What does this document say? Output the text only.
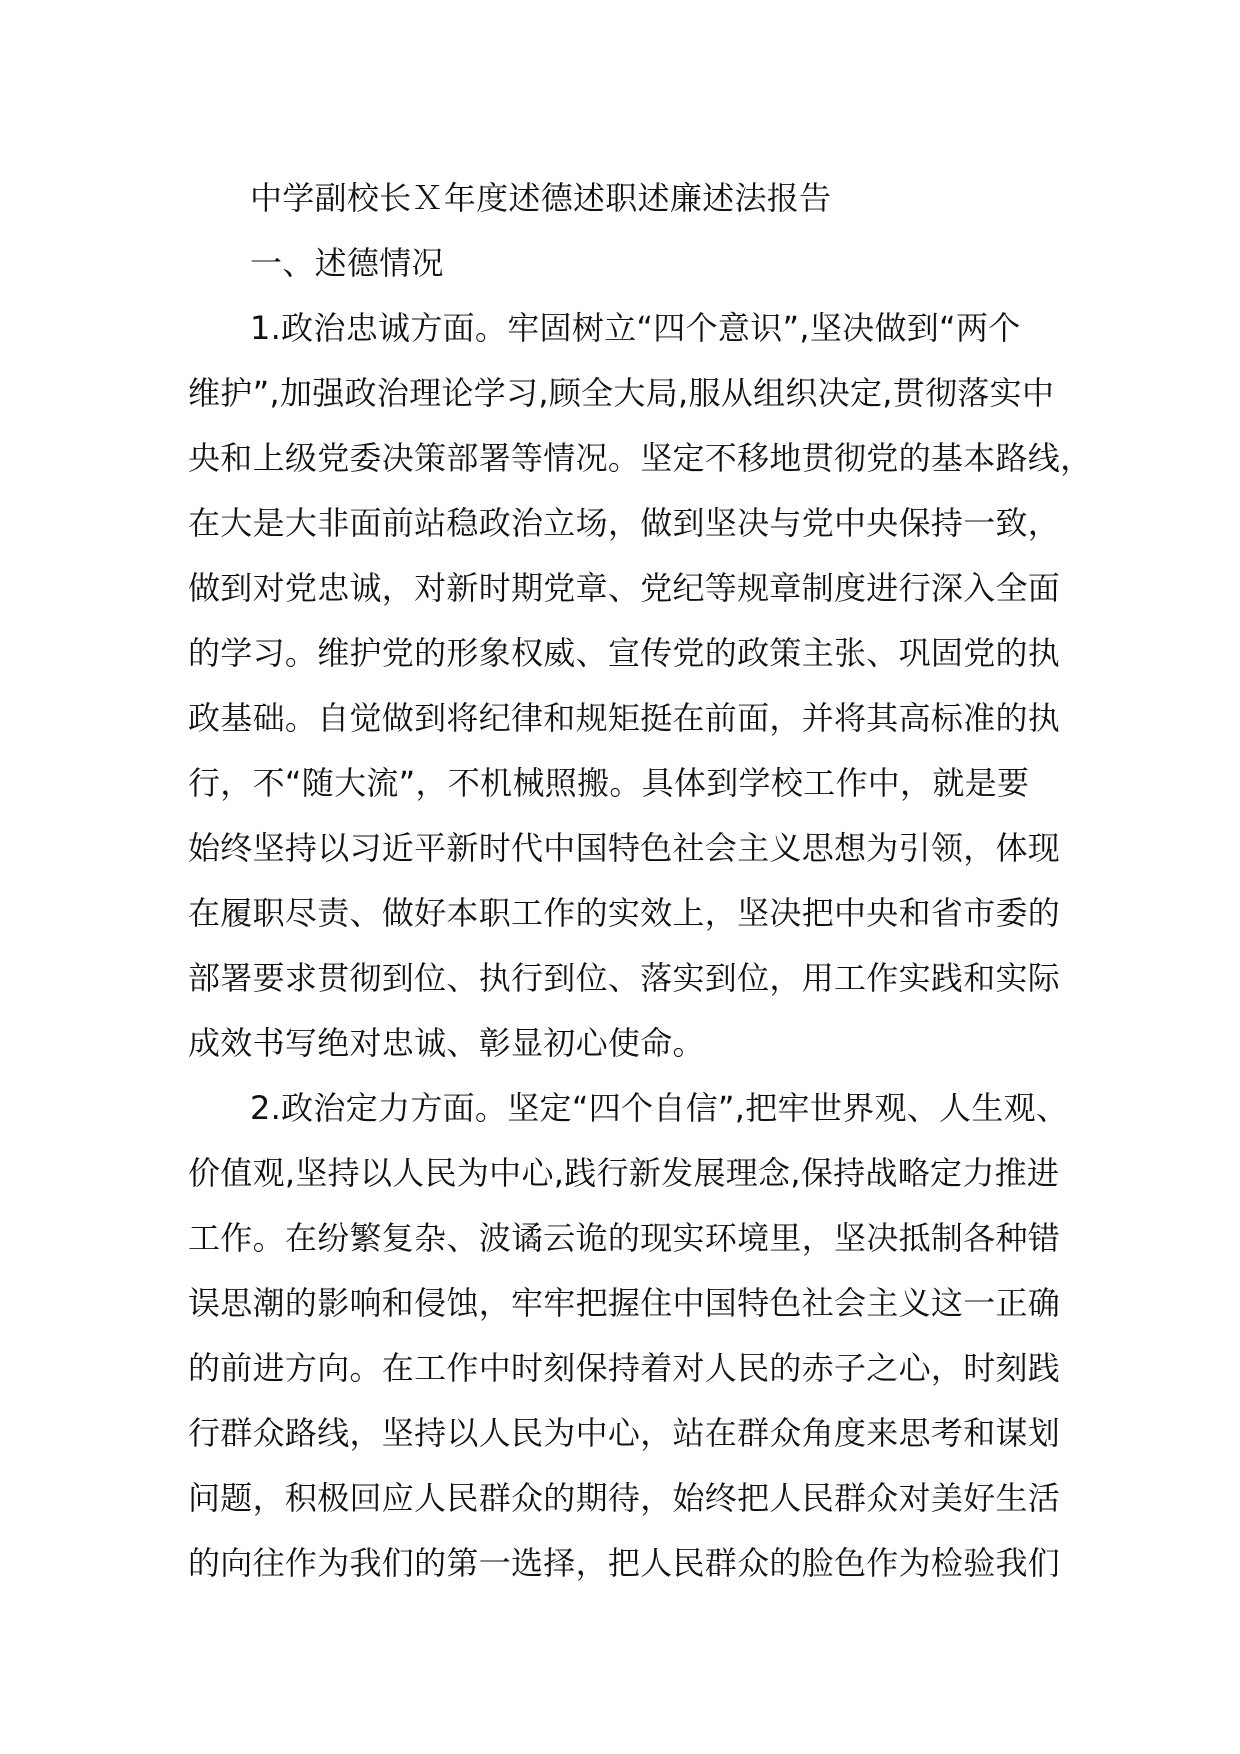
中学副校长Ｘ年度述德述职述廉述法报告
一、述德情况
1.政治忠诚方面。牢固树立“四个意识”,坚决做到“两个
维护”,加强政治理论学习,顾全大局,服从组织决定,贯彻落实中
央和上级党委决策部署等情况。坚定不移地贯彻党的基本路线，
在大是大非面前站稳政治立场，做到坚决与党中央保持一致，
做到对党忠诚，对新时期党章、党纪等规章制度进行深入全面
的学习。维护党的形象权威、宣传党的政策主张、巩固党的执
政基础。自觉做到将纪律和规矩挺在前面，并将其高标准的执
行，不“随大流”，不机械照搬。具体到学校工作中，就是要
始终坚持以习近平新时代中国特色社会主义思想为引领，体现
在履职尽责、做好本职工作的实效上，坚决把中央和省市委的
部署要求贯彻到位、执行到位、落实到位，用工作实践和实际
成效书写绝对忠诚、彰显初心使命。
2.政治定力方面。坚定“四个自信”,把牢世界观、人生观、
价值观,坚持以人民为中心,践行新发展理念,保持战略定力推进
工作。在纷繁复杂、波谲云诡的现实环境里，坚决抵制各种错
误思潮的影响和侵蚀，牢牢把握住中国特色社会主义这一正确
的前进方向。在工作中时刻保持着对人民的赤子之心，时刻践
行群众路线，坚持以人民为中心，站在群众角度来思考和谋划
问题，积极回应人民群众的期待，始终把人民群众对美好生活
的向往作为我们的第一选择，把人民群众的脸色作为检验我们
